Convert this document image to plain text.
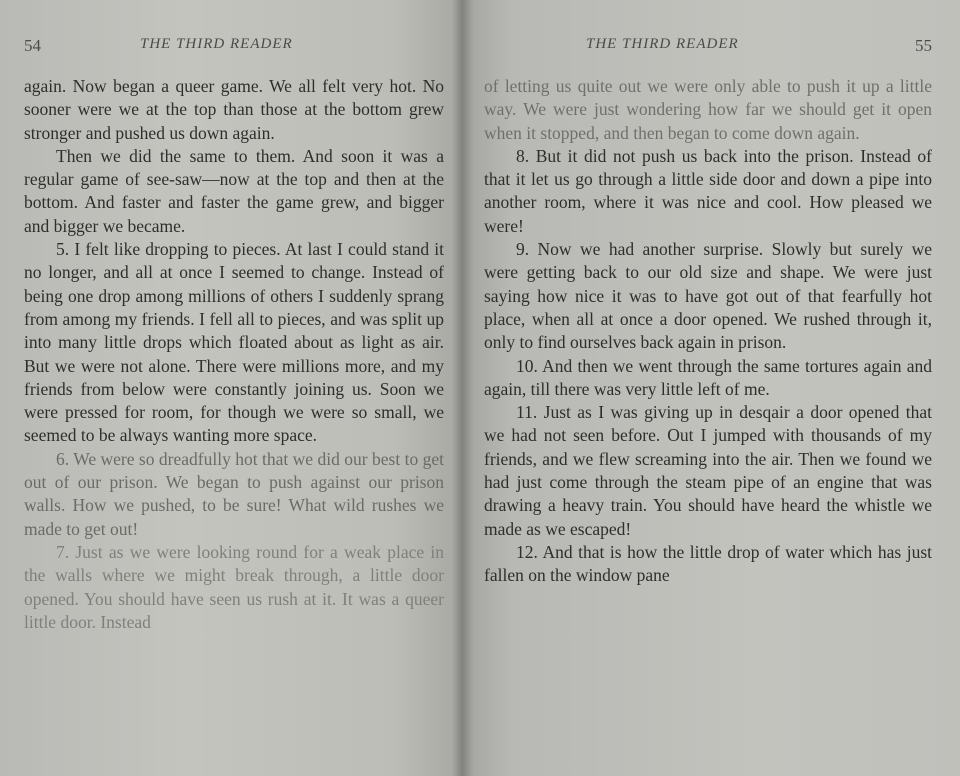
54	THE THIRD READER

again. Now began a queer game. We all felt very hot. No sooner were we at the top than those at the bottom grew stronger and pushed us down again.

Then we did the same to them. And soon it was a regular game of see-saw—now at the top and then at the bottom. And faster and faster the game grew, and bigger and bigger we became.

5. I felt like dropping to pieces. At last I could stand it no longer, and all at once I seemed to change. Instead of being one drop among millions of others I suddenly sprang from among my friends. I fell all to pieces, and was split up into many little drops which floated about as light as air. But we were not alone. There were millions more, and my friends from below were constantly joining us. Soon we were pressed for room, for though we were so small, we seemed to be always wanting more space.

6. We were so dreadfully hot that we did our best to get out of our prison. We began to push against our prison walls. How we pushed, to be sure! What wild rushes we made to get out!

7. Just as we were looking round for a weak place in the walls where we might break through, a little door opened. You should have seen us rush at it. It was a queer little door. Instead

THE THIRD READER	55

of letting us quite out we were only able to push it up a little way. We were just wondering how far we should get it open when it stopped, and then began to come down again.

8. But it did not push us back into the prison. Instead of that it let us go through a little side door and down a pipe into another room, where it was nice and cool. How pleased we were!

9. Now we had another surprise. Slowly but surely we were getting back to our old size and shape. We were just saying how nice it was to have got out of that fearfully hot place, when all at once a door opened. We rushed through it, only to find ourselves back again in prison.

10. And then we went through the same tortures again and again, till there was very little left of me.

11. Just as I was giving up in desqair a door opened that we had not seen before. Out I jumped with thousands of my friends, and we flew screaming into the air. Then we found we had just come through the steam pipe of an engine that was drawing a heavy train. You should have heard the whistle we made as we escaped!

12. And that is how the little drop of water which has just fallen on the window pane
